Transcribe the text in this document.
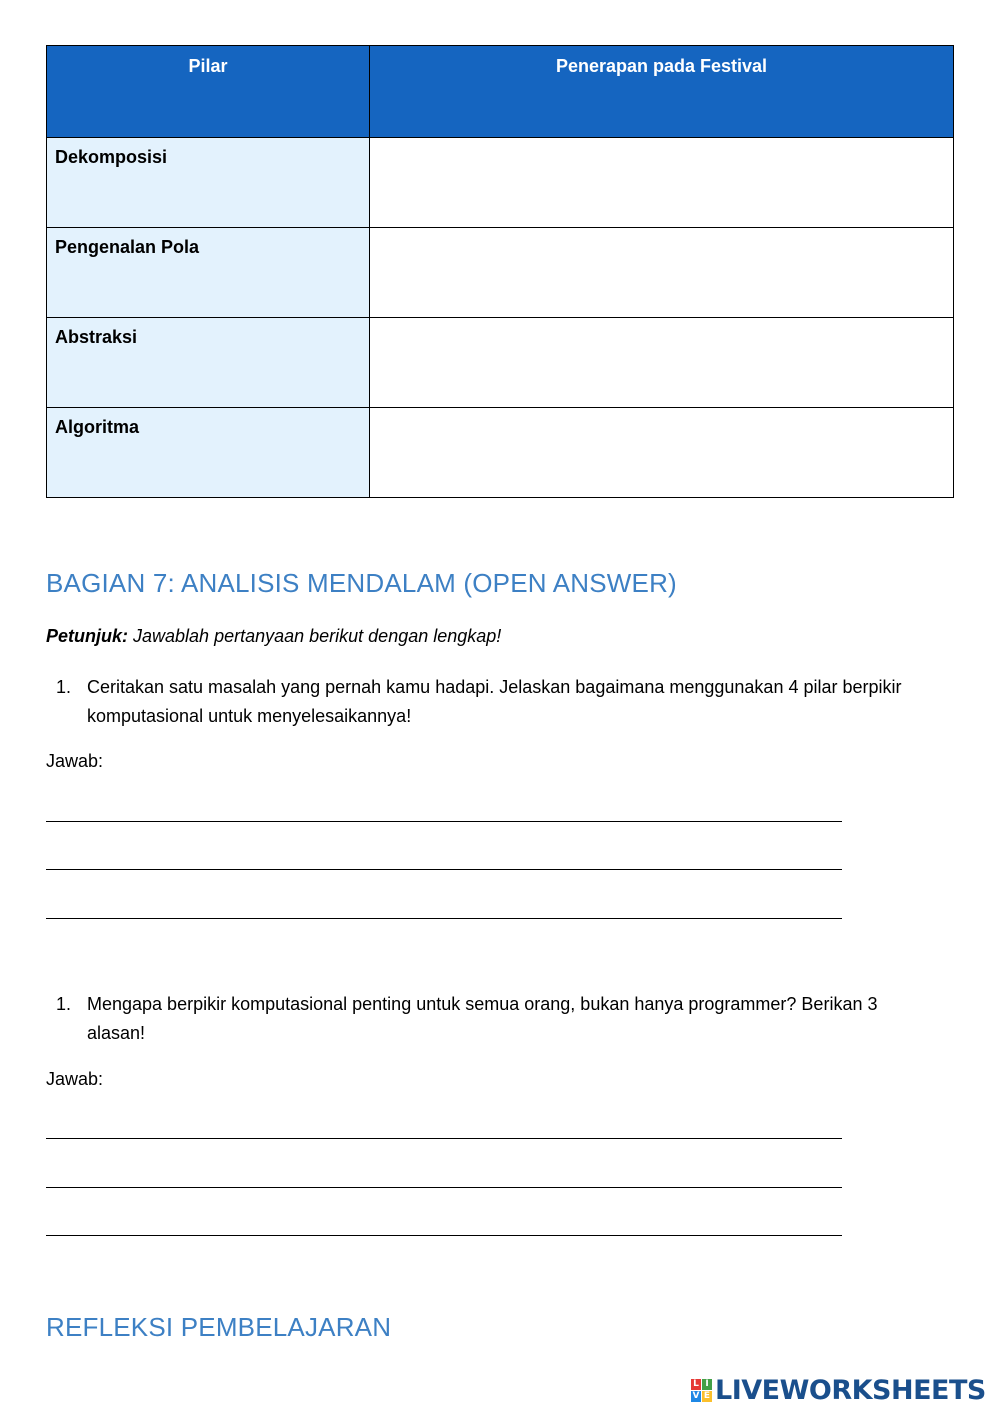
Pilar	Penerapan pada Festival
Dekomposisi	
Pengenalan Pola	
Abstraksi	
Algoritma	
BAGIAN 7: ANALISIS MENDALAM (OPEN ANSWER)

Petunjuk: Jawablah pertanyaan berikut dengan lengkap!

1. Ceritakan satu masalah yang pernah kamu hadapi. Jelaskan bagaimana menggunakan 4 pilar berpikir komputasional untuk menyelesaikannya!
Jawab:
1. Mengapa berpikir komputasional penting untuk semua orang, bukan hanya programmer? Berikan 3 alasan!
Jawab:
REFLEKSI PEMBELAJARAN
L I
V E LIVEWORKSHEETS
